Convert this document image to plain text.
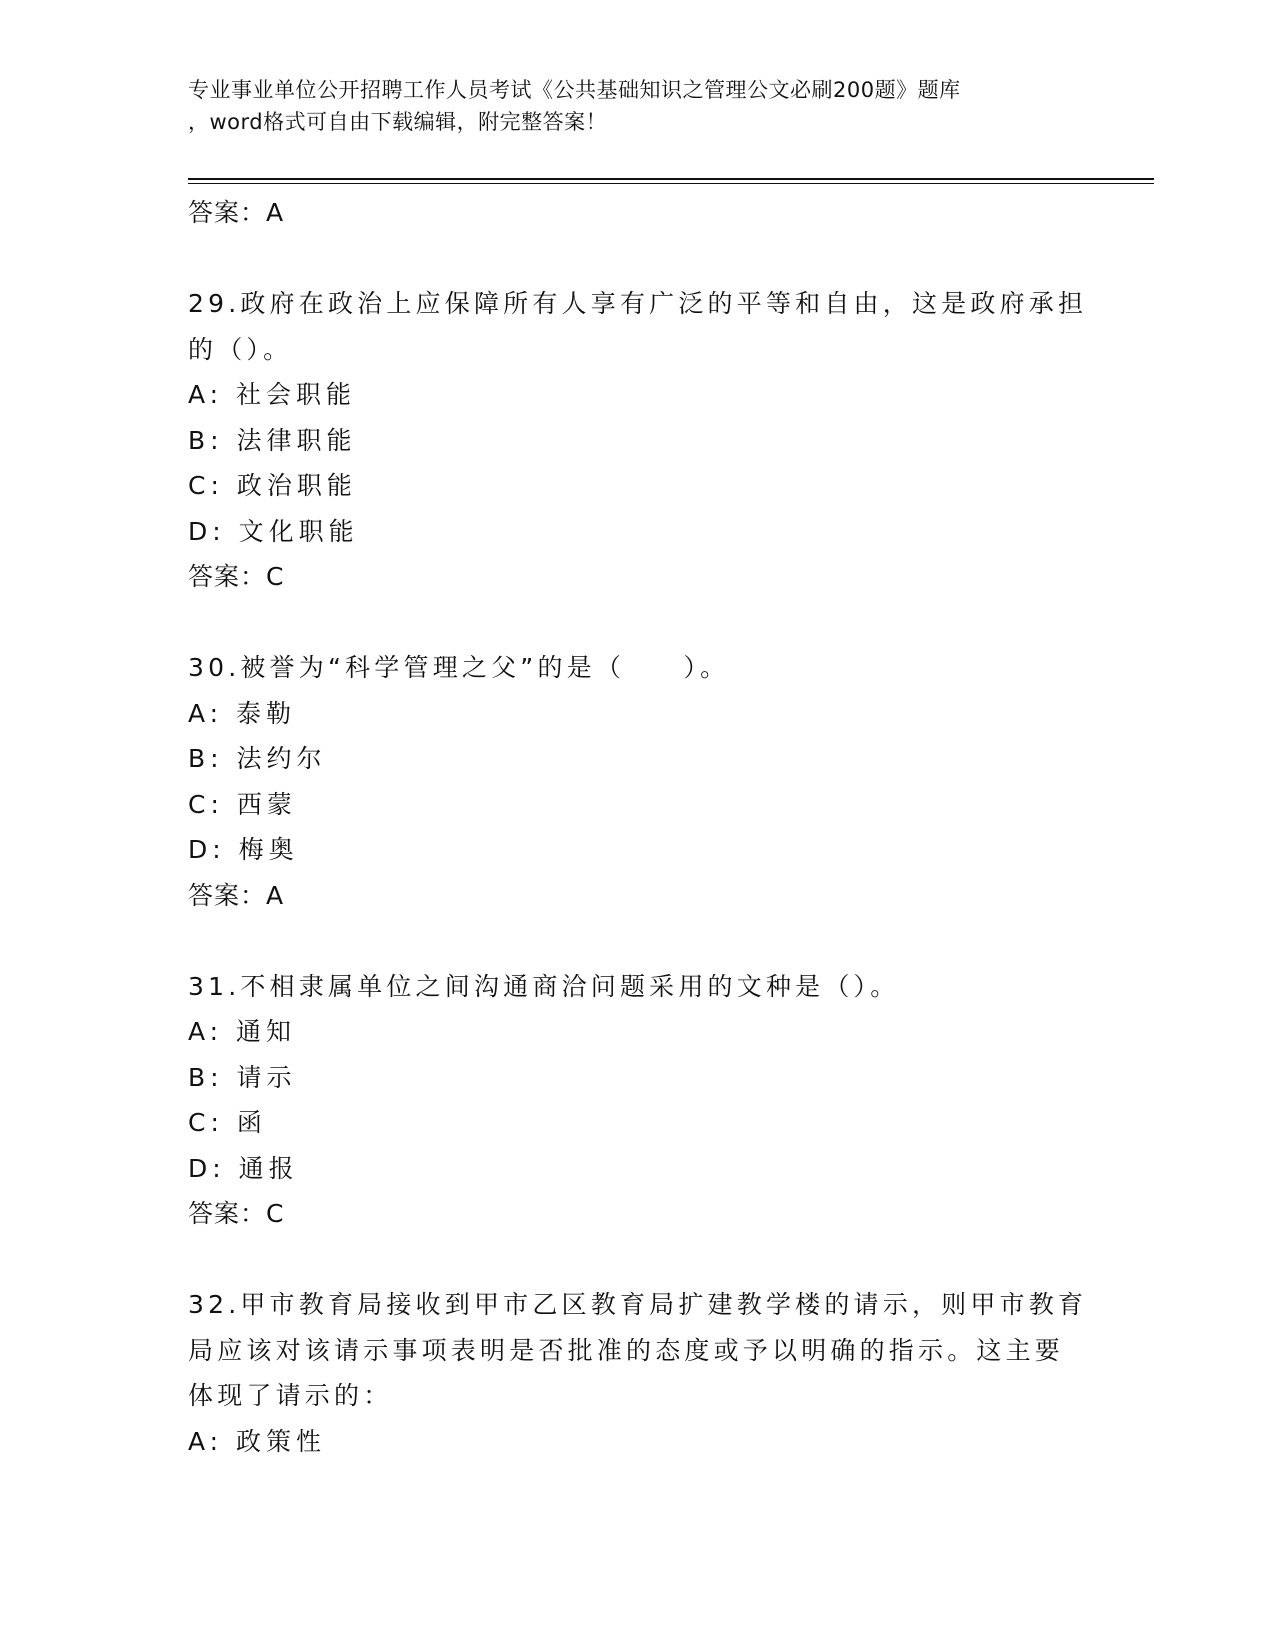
专业事业单位公开招聘工作人员考试《公共基础知识之管理公文必刷200题》题库
，word格式可自由下载编辑，附完整答案！
答案：A
29.政府在政治上应保障所有人享有广泛的平等和自由，这是政府承担的（）。
A: 社会职能
B: 法律职能
C: 政治职能
D: 文化职能
答案：C
30.被誉为“科学管理之父”的是（　　）。
A: 泰勒
B: 法约尔
C: 西蒙
D: 梅奥
答案：A
31.不相隶属单位之间沟通商洽问题采用的文种是（）。
A: 通知
B: 请示
C: 函
D: 通报
答案：C
32.甲市教育局接收到甲市乙区教育局扩建教学楼的请示，则甲市教育局应该对该请示事项表明是否批准的态度或予以明确的指示。这主要体现了请示的：
A: 政策性
